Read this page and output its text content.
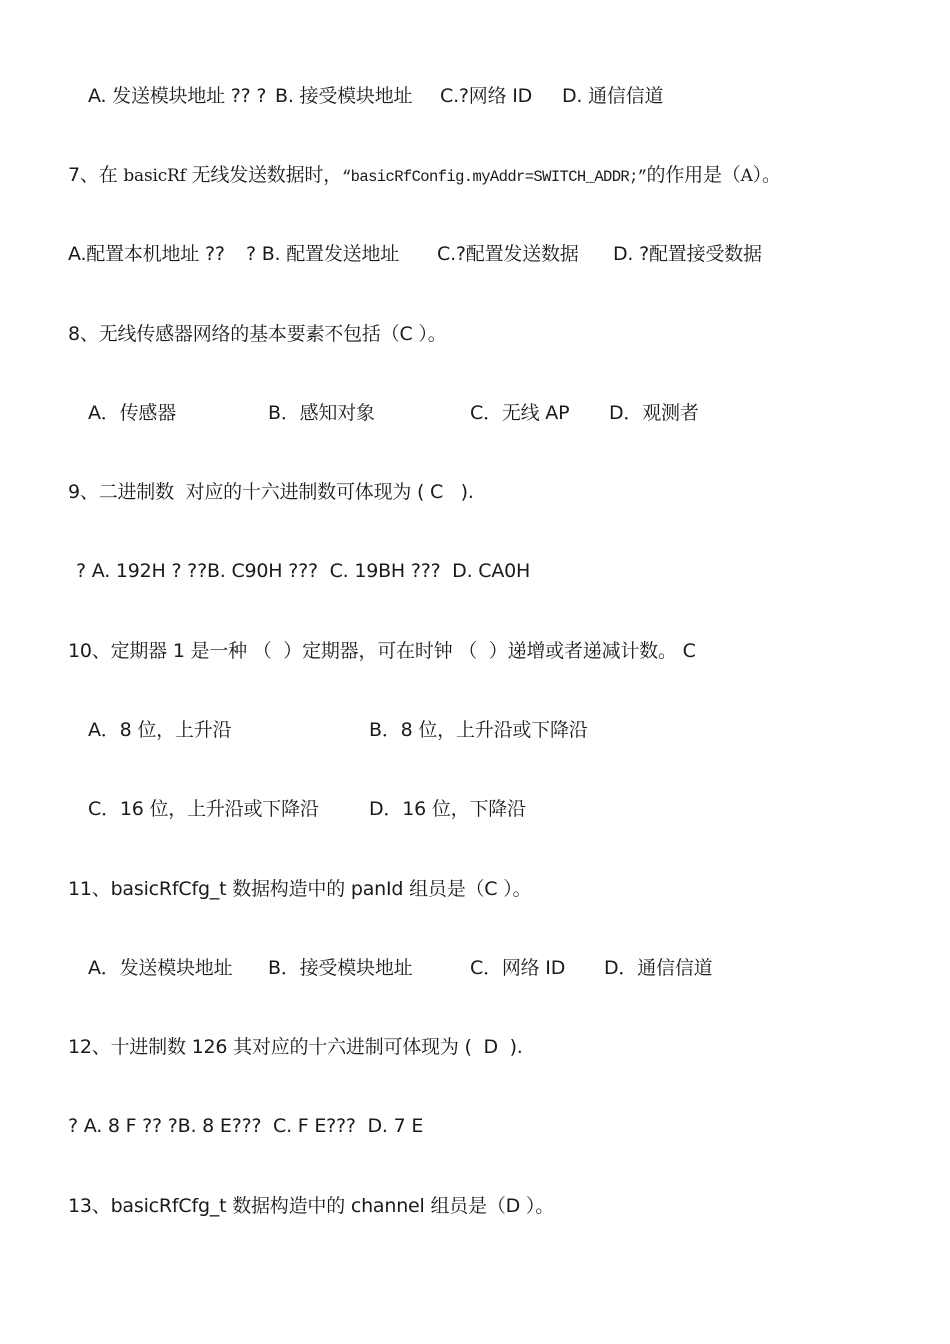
A. 发送模块地址 ?? ? B. 接受模块地址 C.?网络 ID D. 通信信道
7、在 basicRf 无线发送数据时，“basicRfConfig.myAddr=SWITCH_ADDR;”的作用是（A）。
A.配置本机地址 ?? ? B. 配置发送地址 C.?配置发送数据 D. ?配置接受数据
8、无线传感器网络的基本要素不包括（C ）。
A．传感器	B．感知对象	C．无线 AP D．观测者
9、二进制数  对应的十六进制数可体现为 ( C   ).
? A. 192H ? ??B. C90H ???  C. 19BH ???  D. CA0H
10、定期器 1 是一种 （  ）定期器，可在时钟 （  ）递增或者递减计数。 C
A．8 位，上升沿	B．8 位，上升沿或下降沿
C．16 位，上升沿或下降沿	D．16 位，下降沿
11、basicRfCfg_t 数据构造中的 panId 组员是（C ）。
A．发送模块地址 B．接受模块地址	C．网络 ID D．通信信道
12、十进制数 126 其对应的十六进制可体现为 (  D  ).
? A. 8 F ?? ?B. 8 E???  C. F E???  D. 7 E
13、basicRfCfg_t 数据构造中的 channel 组员是（D ）。
